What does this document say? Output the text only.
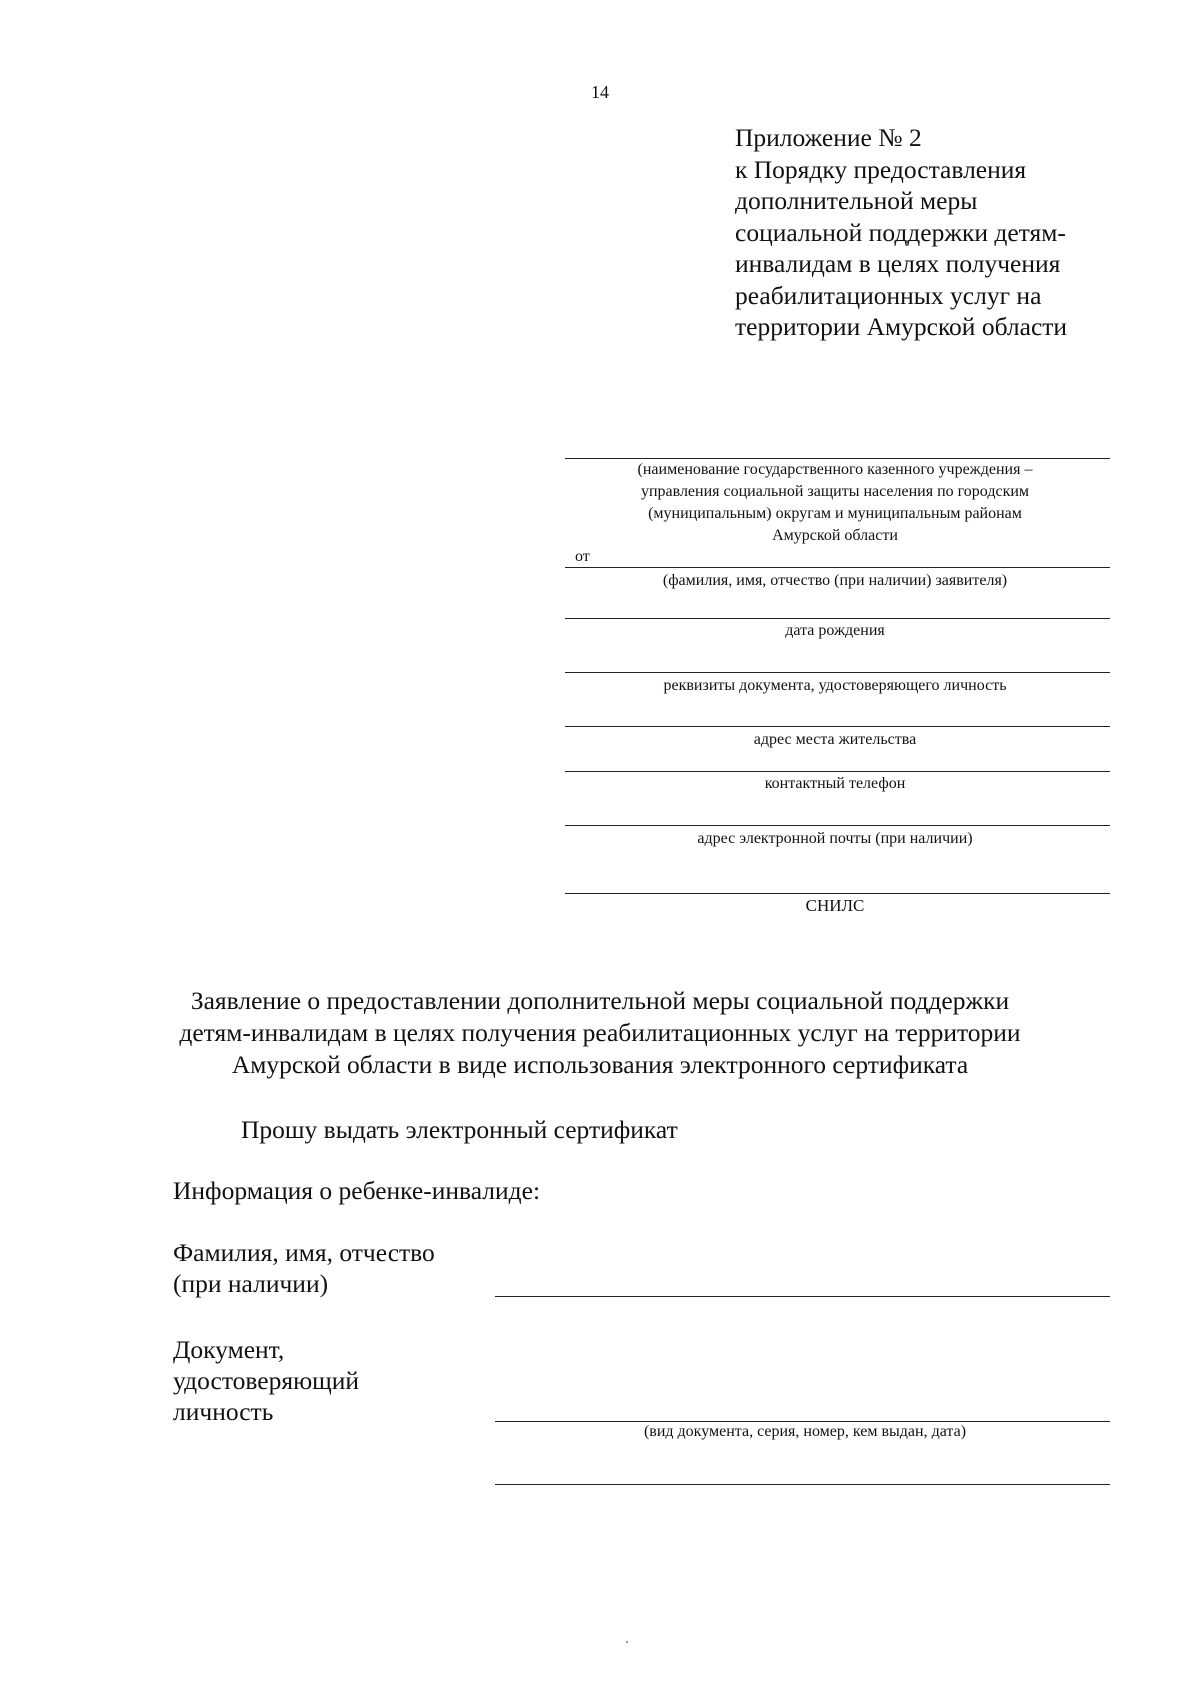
14
Приложение № 2
к Порядку предоставления
дополнительной меры
социальной поддержки детям-
инвалидам в целях получения
реабилитационных услуг на
территории Амурской области
(наименование государственного казенного учреждения –
управления социальной защиты населения по городским
(муниципальным) округам и муниципальным районам
Амурской области
от
(фамилия, имя, отчество (при наличии) заявителя)
дата рождения
реквизиты документа, удостоверяющего личность
адрес места жительства
контактный телефон
адрес электронной почты (при наличии)
СНИЛС
Заявление о предоставлении дополнительной меры социальной поддержки
детям-инвалидам в целях получения реабилитационных услуг на территории
Амурской области в виде использования электронного сертификата
Прошу выдать электронный сертификат
Информация о ребенке-инвалиде:
Фамилия, имя, отчество
(при наличии)
Документ,
удостоверяющий
личность
(вид документа, серия, номер, кем выдан, дата)
